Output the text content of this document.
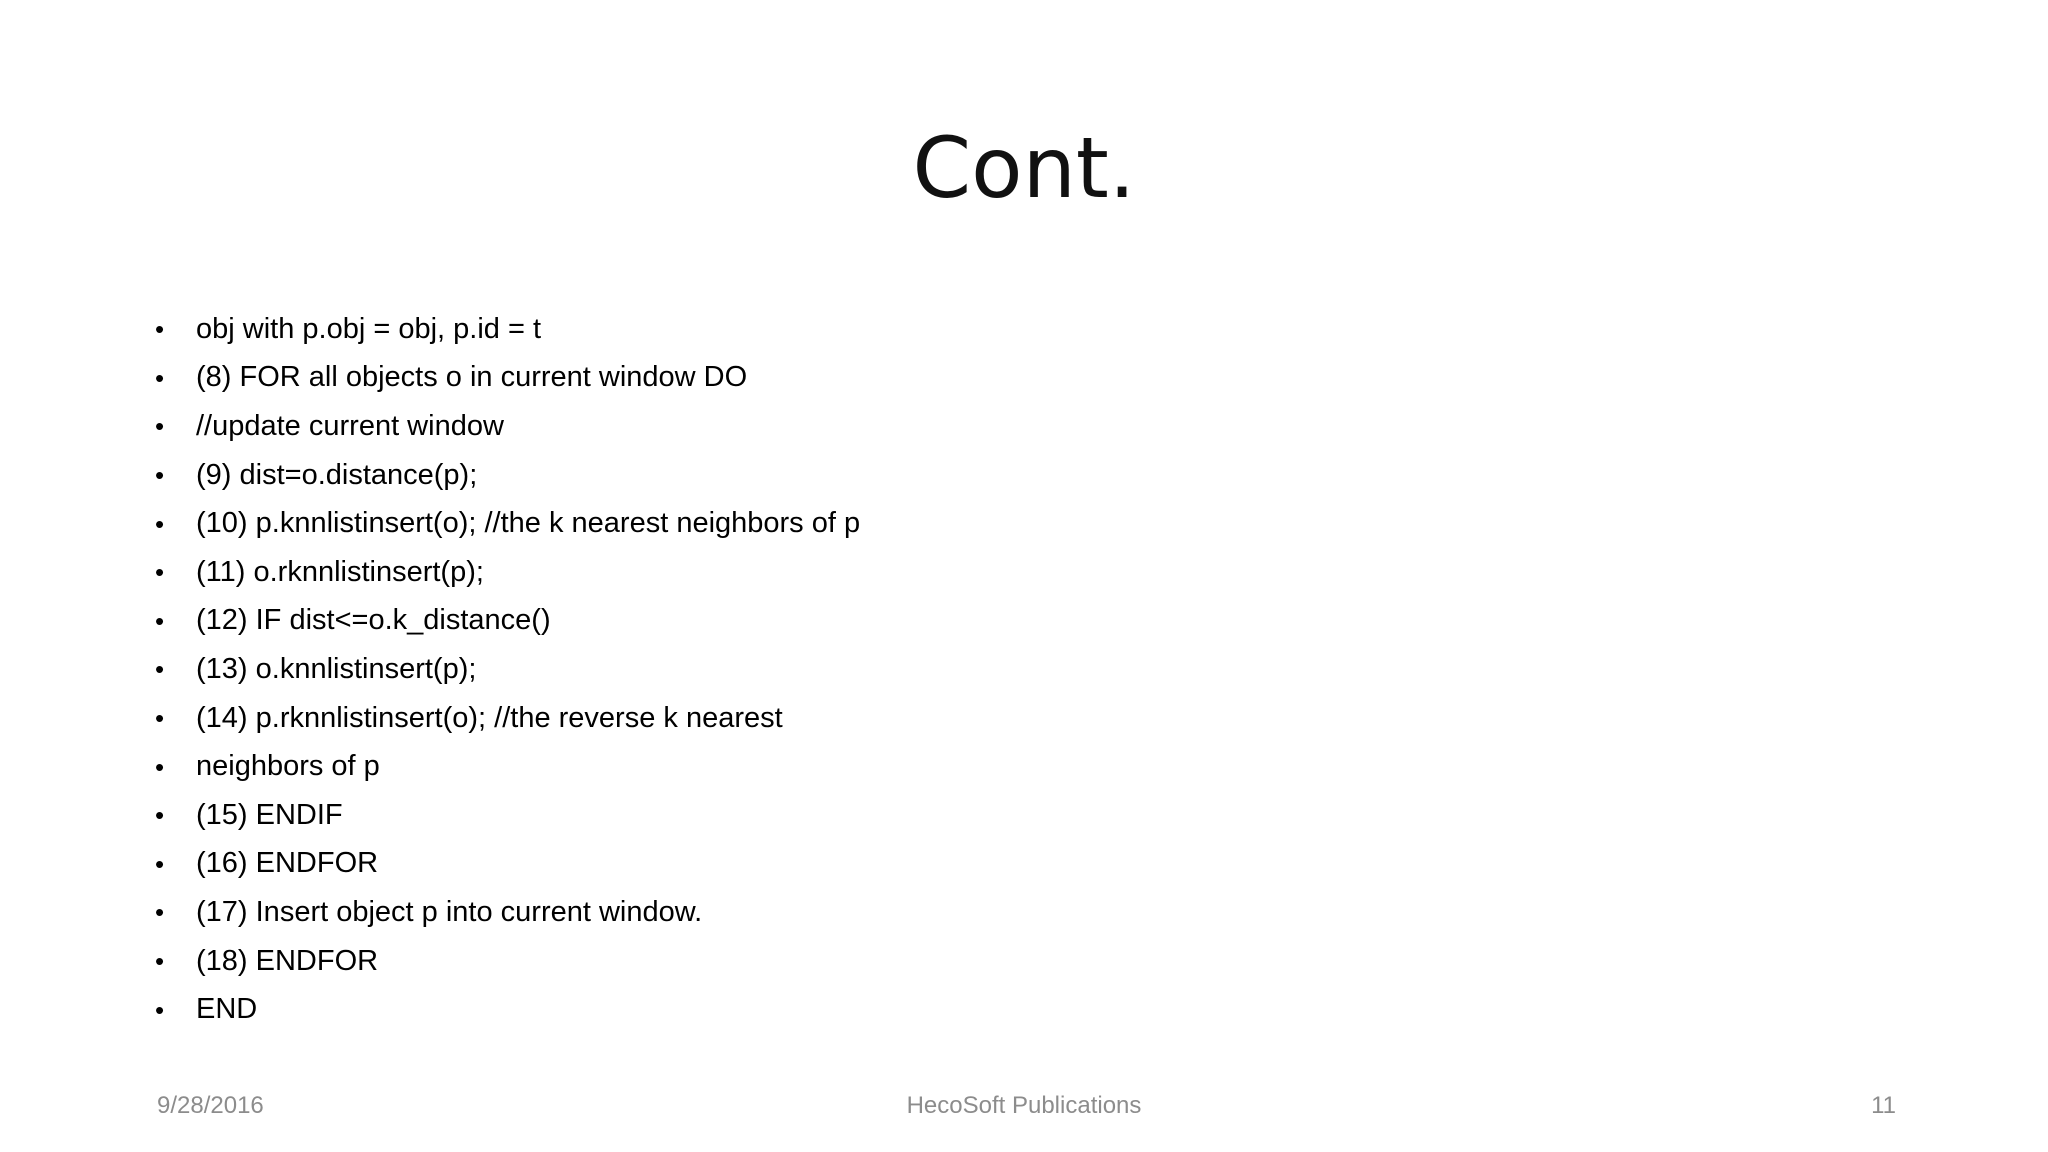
Cont.
•	obj with p.obj = obj, p.id = t
•	(8) FOR all objects o in current window DO
•	//update current window
•	(9) dist=o.distance(p);
•	(10) p.knnlistinsert(o); //the k nearest neighbors of p
•	(11) o.rknnlistinsert(p);
•	(12) IF dist<=o.k_distance()
•	(13) o.knnlistinsert(p);
•	(14) p.rknnlistinsert(o); //the reverse k nearest
•	neighbors of p
•	(15) ENDIF
•	(16) ENDFOR
•	(17) Insert object p into current window.
•	(18) ENDFOR
•	END
9/28/2016	HecoSoft Publications	11
